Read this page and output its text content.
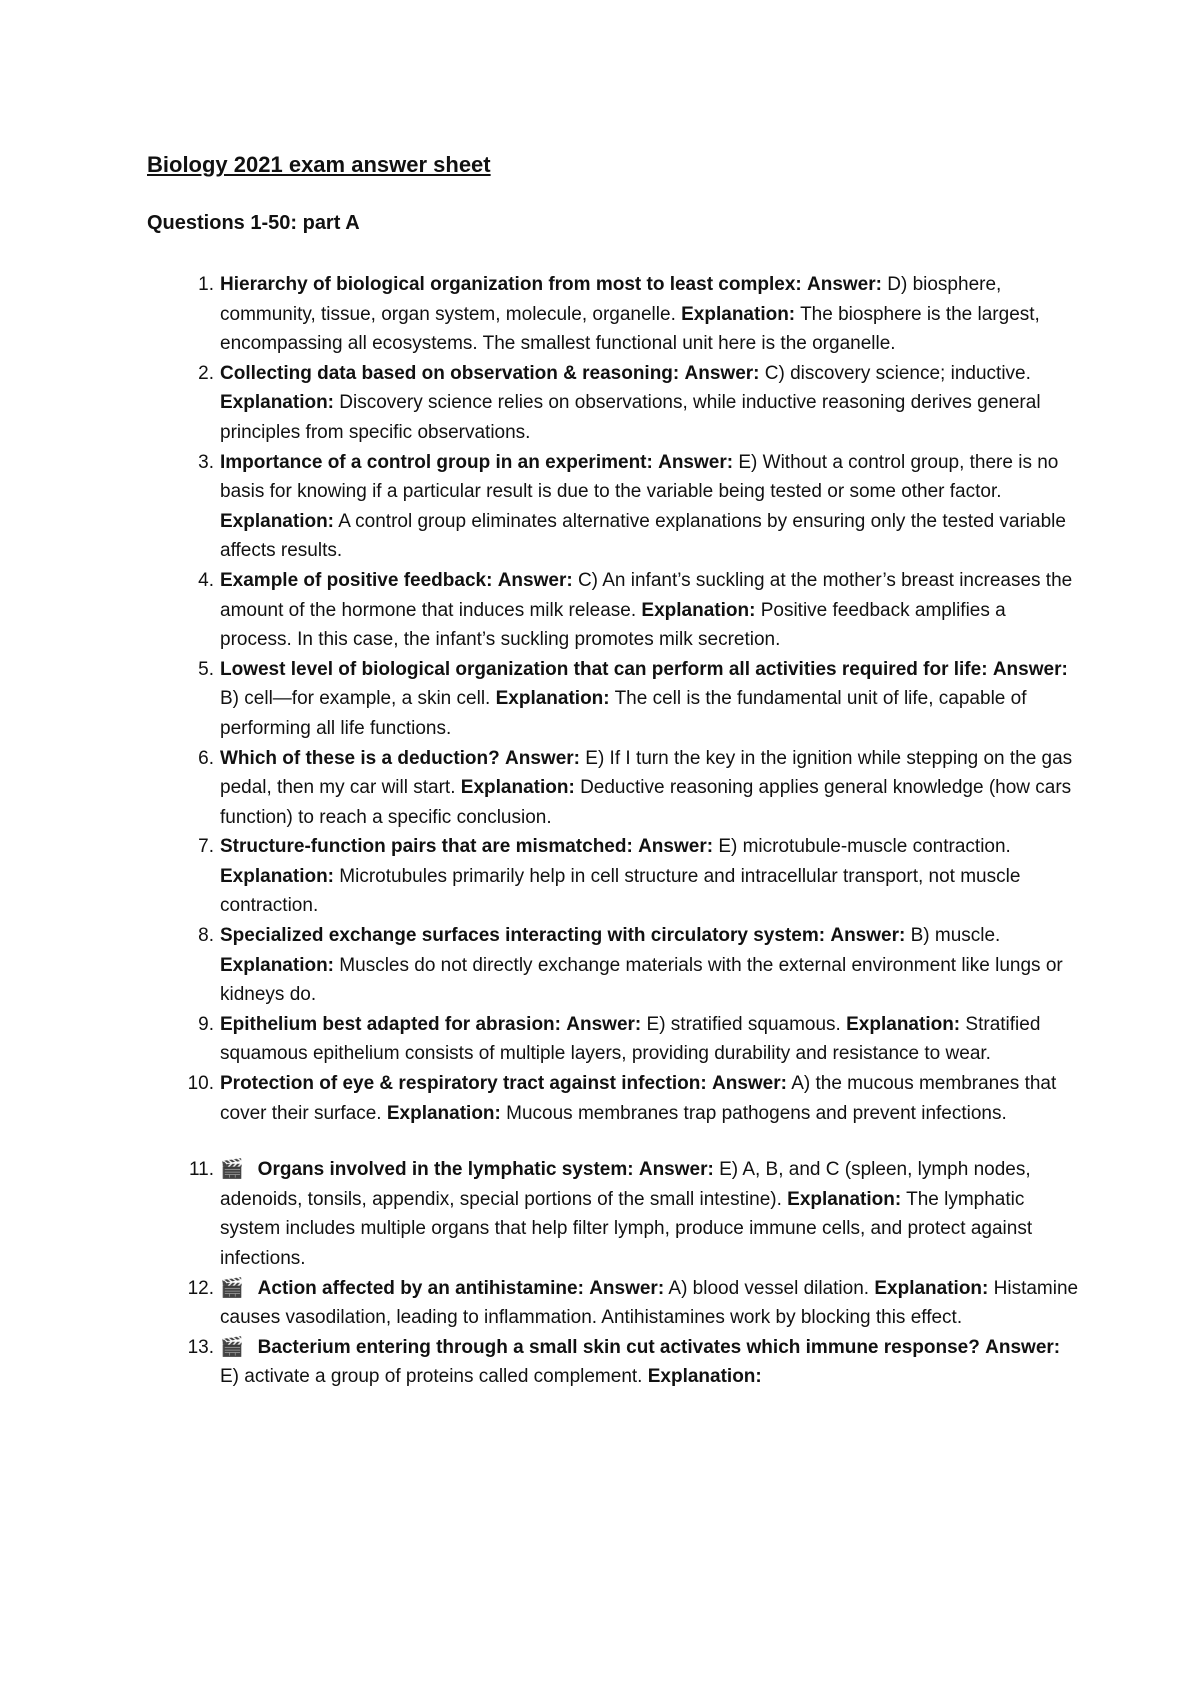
Biology 2021 exam answer sheet
Questions 1-50: part A
1. Hierarchy of biological organization from most to least complex: Answer: D) biosphere, community, tissue, organ system, molecule, organelle. Explanation: The biosphere is the largest, encompassing all ecosystems. The smallest functional unit here is the organelle.
2. Collecting data based on observation & reasoning: Answer: C) discovery science; inductive. Explanation: Discovery science relies on observations, while inductive reasoning derives general principles from specific observations.
3. Importance of a control group in an experiment: Answer: E) Without a control group, there is no basis for knowing if a particular result is due to the variable being tested or some other factor. Explanation: A control group eliminates alternative explanations by ensuring only the tested variable affects results.
4. Example of positive feedback: Answer: C) An infant’s suckling at the mother’s breast increases the amount of the hormone that induces milk release. Explanation: Positive feedback amplifies a process. In this case, the infant’s suckling promotes milk secretion.
5. Lowest level of biological organization that can perform all activities required for life: Answer: B) cell—for example, a skin cell. Explanation: The cell is the fundamental unit of life, capable of performing all life functions.
6. Which of these is a deduction? Answer: E) If I turn the key in the ignition while stepping on the gas pedal, then my car will start. Explanation: Deductive reasoning applies general knowledge (how cars function) to reach a specific conclusion.
7. Structure-function pairs that are mismatched: Answer: E) microtubule-muscle contraction. Explanation: Microtubules primarily help in cell structure and intracellular transport, not muscle contraction.
8. Specialized exchange surfaces interacting with circulatory system: Answer: B) muscle. Explanation: Muscles do not directly exchange materials with the external environment like lungs or kidneys do.
9. Epithelium best adapted for abrasion: Answer: E) stratified squamous. Explanation: Stratified squamous epithelium consists of multiple layers, providing durability and resistance to wear.
10. Protection of eye & respiratory tract against infection: Answer: A) the mucous membranes that cover their surface. Explanation: Mucous membranes trap pathogens and prevent infections.
11. 🎬 Organs involved in the lymphatic system: Answer: E) A, B, and C (spleen, lymph nodes, adenoids, tonsils, appendix, special portions of the small intestine). Explanation: The lymphatic system includes multiple organs that help filter lymph, produce immune cells, and protect against infections.
12. 🎬 Action affected by an antihistamine: Answer: A) blood vessel dilation. Explanation: Histamine causes vasodilation, leading to inflammation. Antihistamines work by blocking this effect.
13. 🎬 Bacterium entering through a small skin cut activates which immune response? Answer: E) activate a group of proteins called complement. Explanation:
